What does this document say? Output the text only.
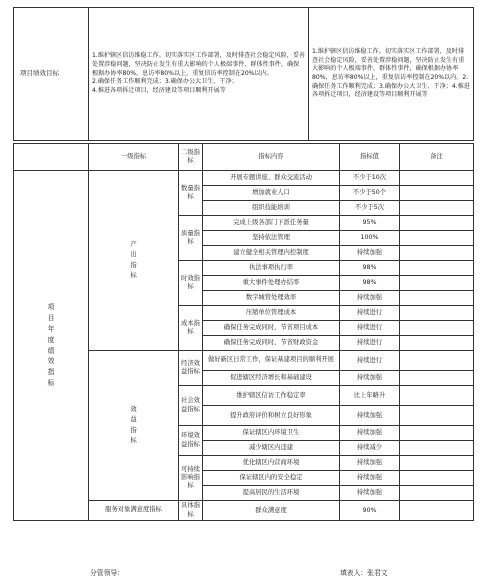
项目绩效目标	1.维护辖区信访维稳工作。切实落实区工作部署，及时排查社会稳定风险，妥善处置涉稳问题，坚决防止发生有重大影响的个人极端事件、群体性事件，确保根据办协率80%，息访率80%以上，重复信访率控制在20%以内。
2.确保任务工作顺利完成；3.确保办公大卫生、干净；
4.推进各项拆迁项目，经济建设等项目顺利开展等	1.维护辖区信访维稳工作。切实落实区工作部署，及时排查社会稳定风险，妥善处置涉稳问题，坚决防止发生有重大影响的个人极端事件、群体性事件，确保根据办协率80%，息访率80%以上，重复信访率控制在20%以内。2.确保任务工作顺利完成；3.确保办公大卫生、干净；4.推进各项拆迁项目，经济建设等项目顺利开展等
	一级指标	二级指标	指标内容	指标值	备注
项目年度绩效指标	产出指标	数量指标	开展专题讲座、群众交流活动	不少于10次	
			增加就业人口	不少于50个	
			组织技能培训	不少于5次	
		质量指标	完成上级各部门下派任务量	95%	
			坚持依法管理	100%	
			建立健全相关管理内控制度	持续加强	
		时效指标	执法事项执行率	98%	
			重大事件处理办结率	98%	
			数字城管处理效率	持续加强	
		成本指标	压缩单位管理成本	持续进行	
			确保任务完成同时，节省项目成本	持续进行	
			确保任务完成同时，节省财政资金	持续进行	
	效益指标	经济效益指标	做好新区日常工作，保证基建项目的顺利开展	持续进行	
			促进辖区经济增长和基础建设	持续加强	
		社会效益指标	维护辖区信访工作稳定率	比上年略升	
			提升政府评价和树立良好形象	持续加强	
		环境效益指标	保证辖区内环境卫生	持续加强	
			减少辖区内违建	持续减少	
		可持续影响指标	优化辖区内营商环境	持续加强	
			保证辖区内的安全稳定	持续加强	
			提高居民的生活环境	持续加强	
	服务对象满意度指标	具体指标	群众满意度	90%	
分管领导：	填表人：张君文
